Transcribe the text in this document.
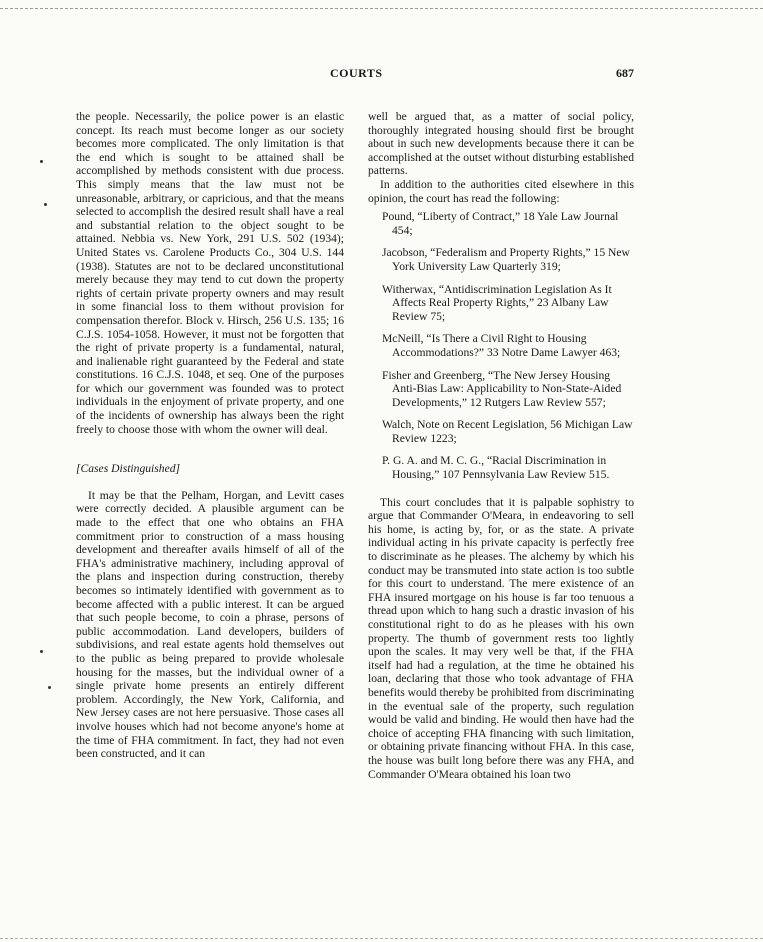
COURTS	687

the people. Necessarily, the police power is an elastic concept. Its reach must become longer as our society becomes more complicated. The only limitation is that the end which is sought to be attained shall be accomplished by methods consistent with due process. This simply means that the law must not be unreasonable, arbitrary, or capricious, and that the means selected to accomplish the desired result shall have a real and substantial relation to the object sought to be attained. Nebbia vs. New York, 291 U.S. 502 (1934); United States vs. Carolene Products Co., 304 U.S. 144 (1938). Statutes are not to be declared unconstitutional merely because they may tend to cut down the property rights of certain private property owners and may result in some financial loss to them without provision for compensation therefor. Block v. Hirsch, 256 U.S. 135; 16 C.J.S. 1054-1058. However, it must not be forgotten that the right of private property is a fundamental, natural, and inalienable right guaranteed by the Federal and state constitutions. 16 C.J.S. 1048, et seq. One of the purposes for which our government was founded was to protect individuals in the enjoyment of private property, and one of the incidents of ownership has always been the right freely to choose those with whom the owner will deal.

[Cases Distinguished]

It may be that the Pelham, Horgan, and Levitt cases were correctly decided. A plausible argument can be made to the effect that one who obtains an FHA commitment prior to construction of a mass housing development and thereafter avails himself of all of the FHA's administrative machinery, including approval of the plans and inspection during construction, thereby becomes so intimately identified with government as to become affected with a public interest. It can be argued that such people become, to coin a phrase, persons of public accommodation. Land developers, builders of subdivisions, and real estate agents hold themselves out to the public as being prepared to provide wholesale housing for the masses, but the individual owner of a single private home presents an entirely different problem. Accordingly, the New York, California, and New Jersey cases are not here persuasive. Those cases all involve houses which had not become anyone's home at the time of FHA commitment. In fact, they had not even been constructed, and it can

well be argued that, as a matter of social policy, thoroughly integrated housing should first be brought about in such new developments because there it can be accomplished at the outset without disturbing established patterns.

In addition to the authorities cited elsewhere in this opinion, the court has read the following:

Pound, “Liberty of Contract,” 18 Yale Law Journal 454;
Jacobson, “Federalism and Property Rights,” 15 New York University Law Quarterly 319;
Witherwax, “Antidiscrimination Legislation As It Affects Real Property Rights,” 23 Albany Law Review 75;
McNeill, “Is There a Civil Right to Housing Accommodations?” 33 Notre Dame Lawyer 463;
Fisher and Greenberg, “The New Jersey Housing Anti-Bias Law: Applicability to Non-State-Aided Developments,” 12 Rutgers Law Review 557;
Walch, Note on Recent Legislation, 56 Michigan Law Review 1223;
P. G. A. and M. C. G., “Racial Discrimination in Housing,” 107 Pennsylvania Law Review 515.

This court concludes that it is palpable sophistry to argue that Commander O'Meara, in endeavoring to sell his home, is acting by, for, or as the state. A private individual acting in his private capacity is perfectly free to discriminate as he pleases. The alchemy by which his conduct may be transmuted into state action is too subtle for this court to understand. The mere existence of an FHA insured mortgage on his house is far too tenuous a thread upon which to hang such a drastic invasion of his constitutional right to do as he pleases with his own property. The thumb of government rests too lightly upon the scales. It may very well be that, if the FHA itself had had a regulation, at the time he obtained his loan, declaring that those who took advantage of FHA benefits would thereby be prohibited from discriminating in the eventual sale of the property, such regulation would be valid and binding. He would then have had the choice of accepting FHA financing with such limitation, or obtaining private financing without FHA. In this case, the house was built long before there was any FHA, and Commander O'Meara obtained his loan two
